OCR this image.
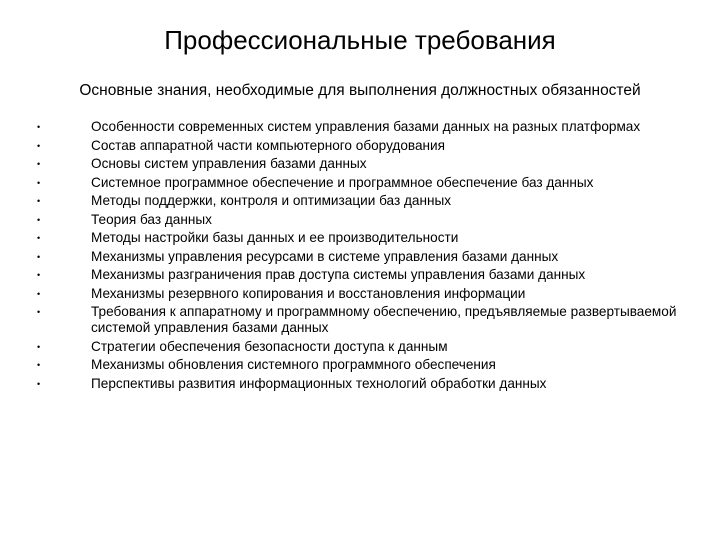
Профессиональные требования
Основные знания, необходимые для выполнения должностных обязанностей
•	Особенности современных систем управления базами данных на разных платформах
•	Состав аппаратной части компьютерного оборудования
•	Основы систем управления базами данных
•	Системное программное обеспечение и программное обеспечение баз данных
•	Методы поддержки, контроля и оптимизации баз данных
•	Теория баз данных
•	Методы настройки базы данных и ее производительности
•	Механизмы управления ресурсами в системе управления базами данных
•	Механизмы разграничения прав доступа системы управления базами данных
•	Механизмы резервного копирования и восстановления информации
•	Требования к аппаратному и программному обеспечению, предъявляемые развертываемой системой управления базами данных
•	Стратегии обеспечения безопасности доступа к данным
•	Механизмы обновления системного программного обеспечения
•	Перспективы развития информационных технологий обработки данных
